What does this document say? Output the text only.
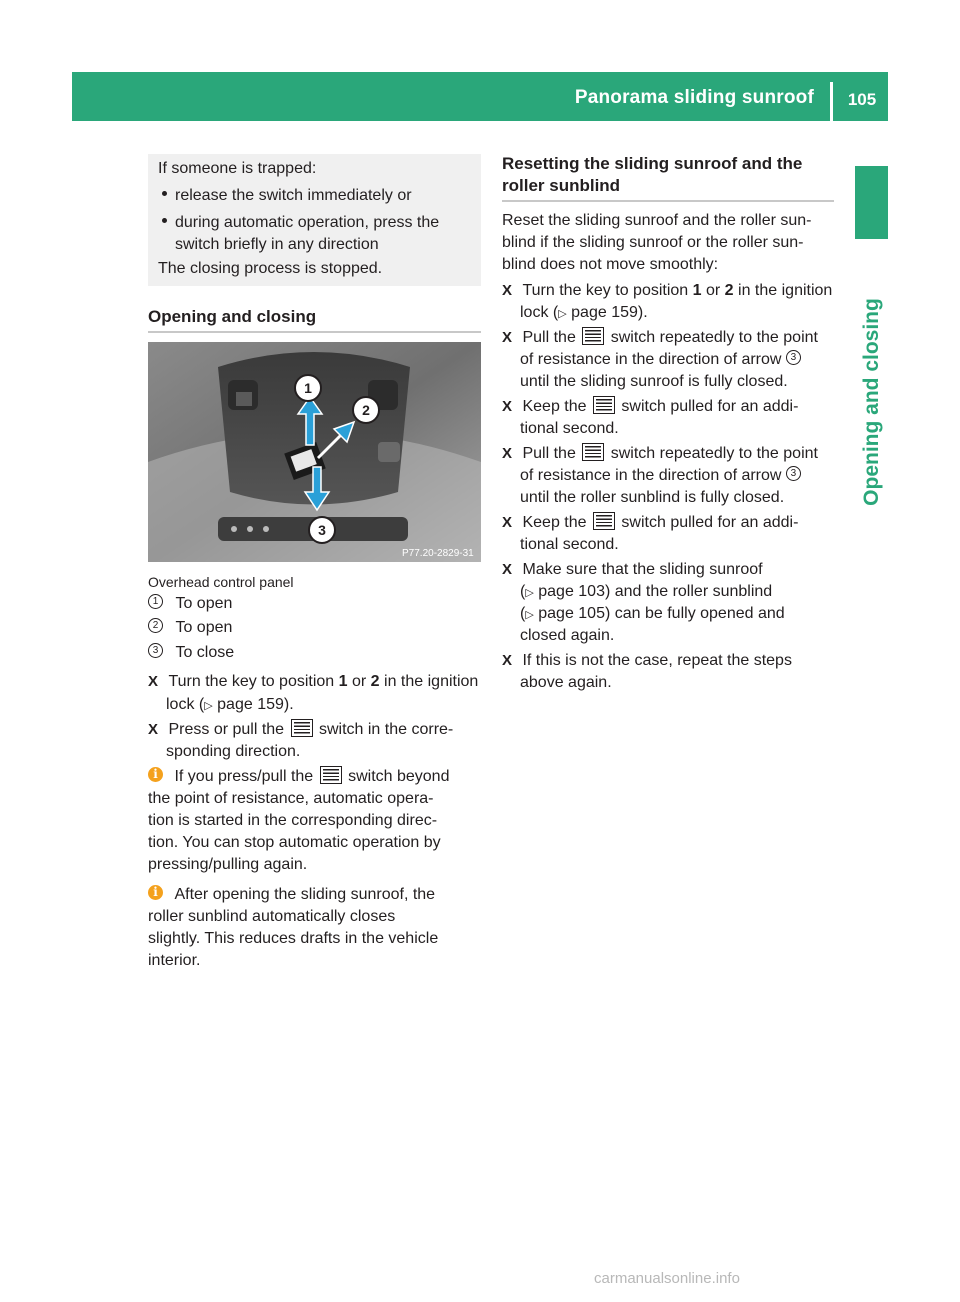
Panorama sliding sunroof	105
Opening and closing
If someone is trapped:
release the switch immediately or
during automatic operation, press the
switch briefly in any direction
The closing process is stopped.
Opening and closing
1
2
3
P77.20-2829-31
Overhead control panel
1 To open
2 To open
3 To close
X Turn the key to position 1 or 2 in the ignition
lock (▷ page 159).
X Press or pull the  switch in the corre-
sponding direction.
i If you press/pull the  switch beyond
the point of resistance, automatic opera-
tion is started in the corresponding direc-
tion. You can stop automatic operation by
pressing/pulling again.
i After opening the sliding sunroof, the
roller sunblind automatically closes
slightly. This reduces drafts in the vehicle
interior.
Resetting the sliding sunroof and the
roller sunblind
Reset the sliding sunroof and the roller sun-
blind if the sliding sunroof or the roller sun-
blind does not move smoothly:
X Turn the key to position 1 or 2 in the ignition
lock (▷ page 159).
X Pull the  switch repeatedly to the point
of resistance in the direction of arrow 3
until the sliding sunroof is fully closed.
X Keep the  switch pulled for an addi-
tional second.
X Pull the  switch repeatedly to the point
of resistance in the direction of arrow 3
until the roller sunblind is fully closed.
X Keep the  switch pulled for an addi-
tional second.
X Make sure that the sliding sunroof
(▷ page 103) and the roller sunblind
(▷ page 105) can be fully opened and
closed again.
X If this is not the case, repeat the steps
above again.
carmanualsonline.info
